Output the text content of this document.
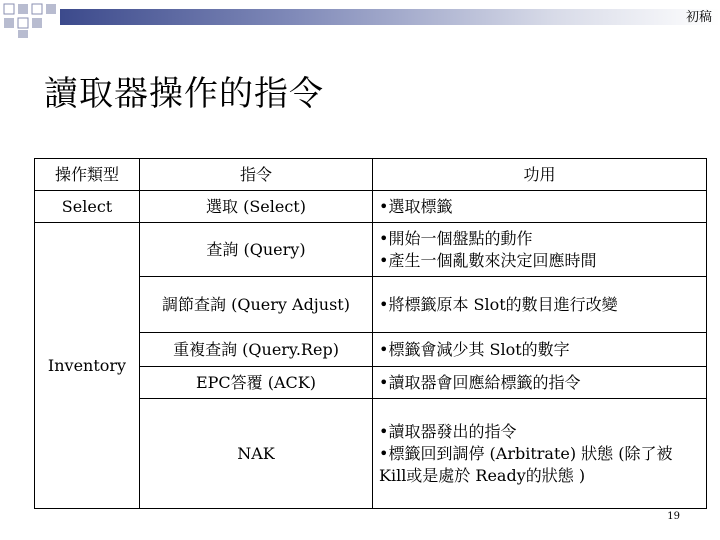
初稿
讀取器操作的指令
操作類型	指令	功用
Select	選取 (Select)	•選取標籤

Inventory	查詢 (Query)	•開始一個盤點的動作
•產生一個亂數來決定回應時間

	調節查詢 (Query Adjust)	•將標籤原本 Slot的數目進行改變

	重複查詢 (Query.Rep)	•標籤會減少其 Slot的數字

	EPC答覆 (ACK)	•讀取器會回應給標籤的指令

	NAK	•讀取器發出的指令
•標籤回到調停 (Arbitrate) 狀態 (除了被 Kill或是處於 Ready的狀態 )
19
